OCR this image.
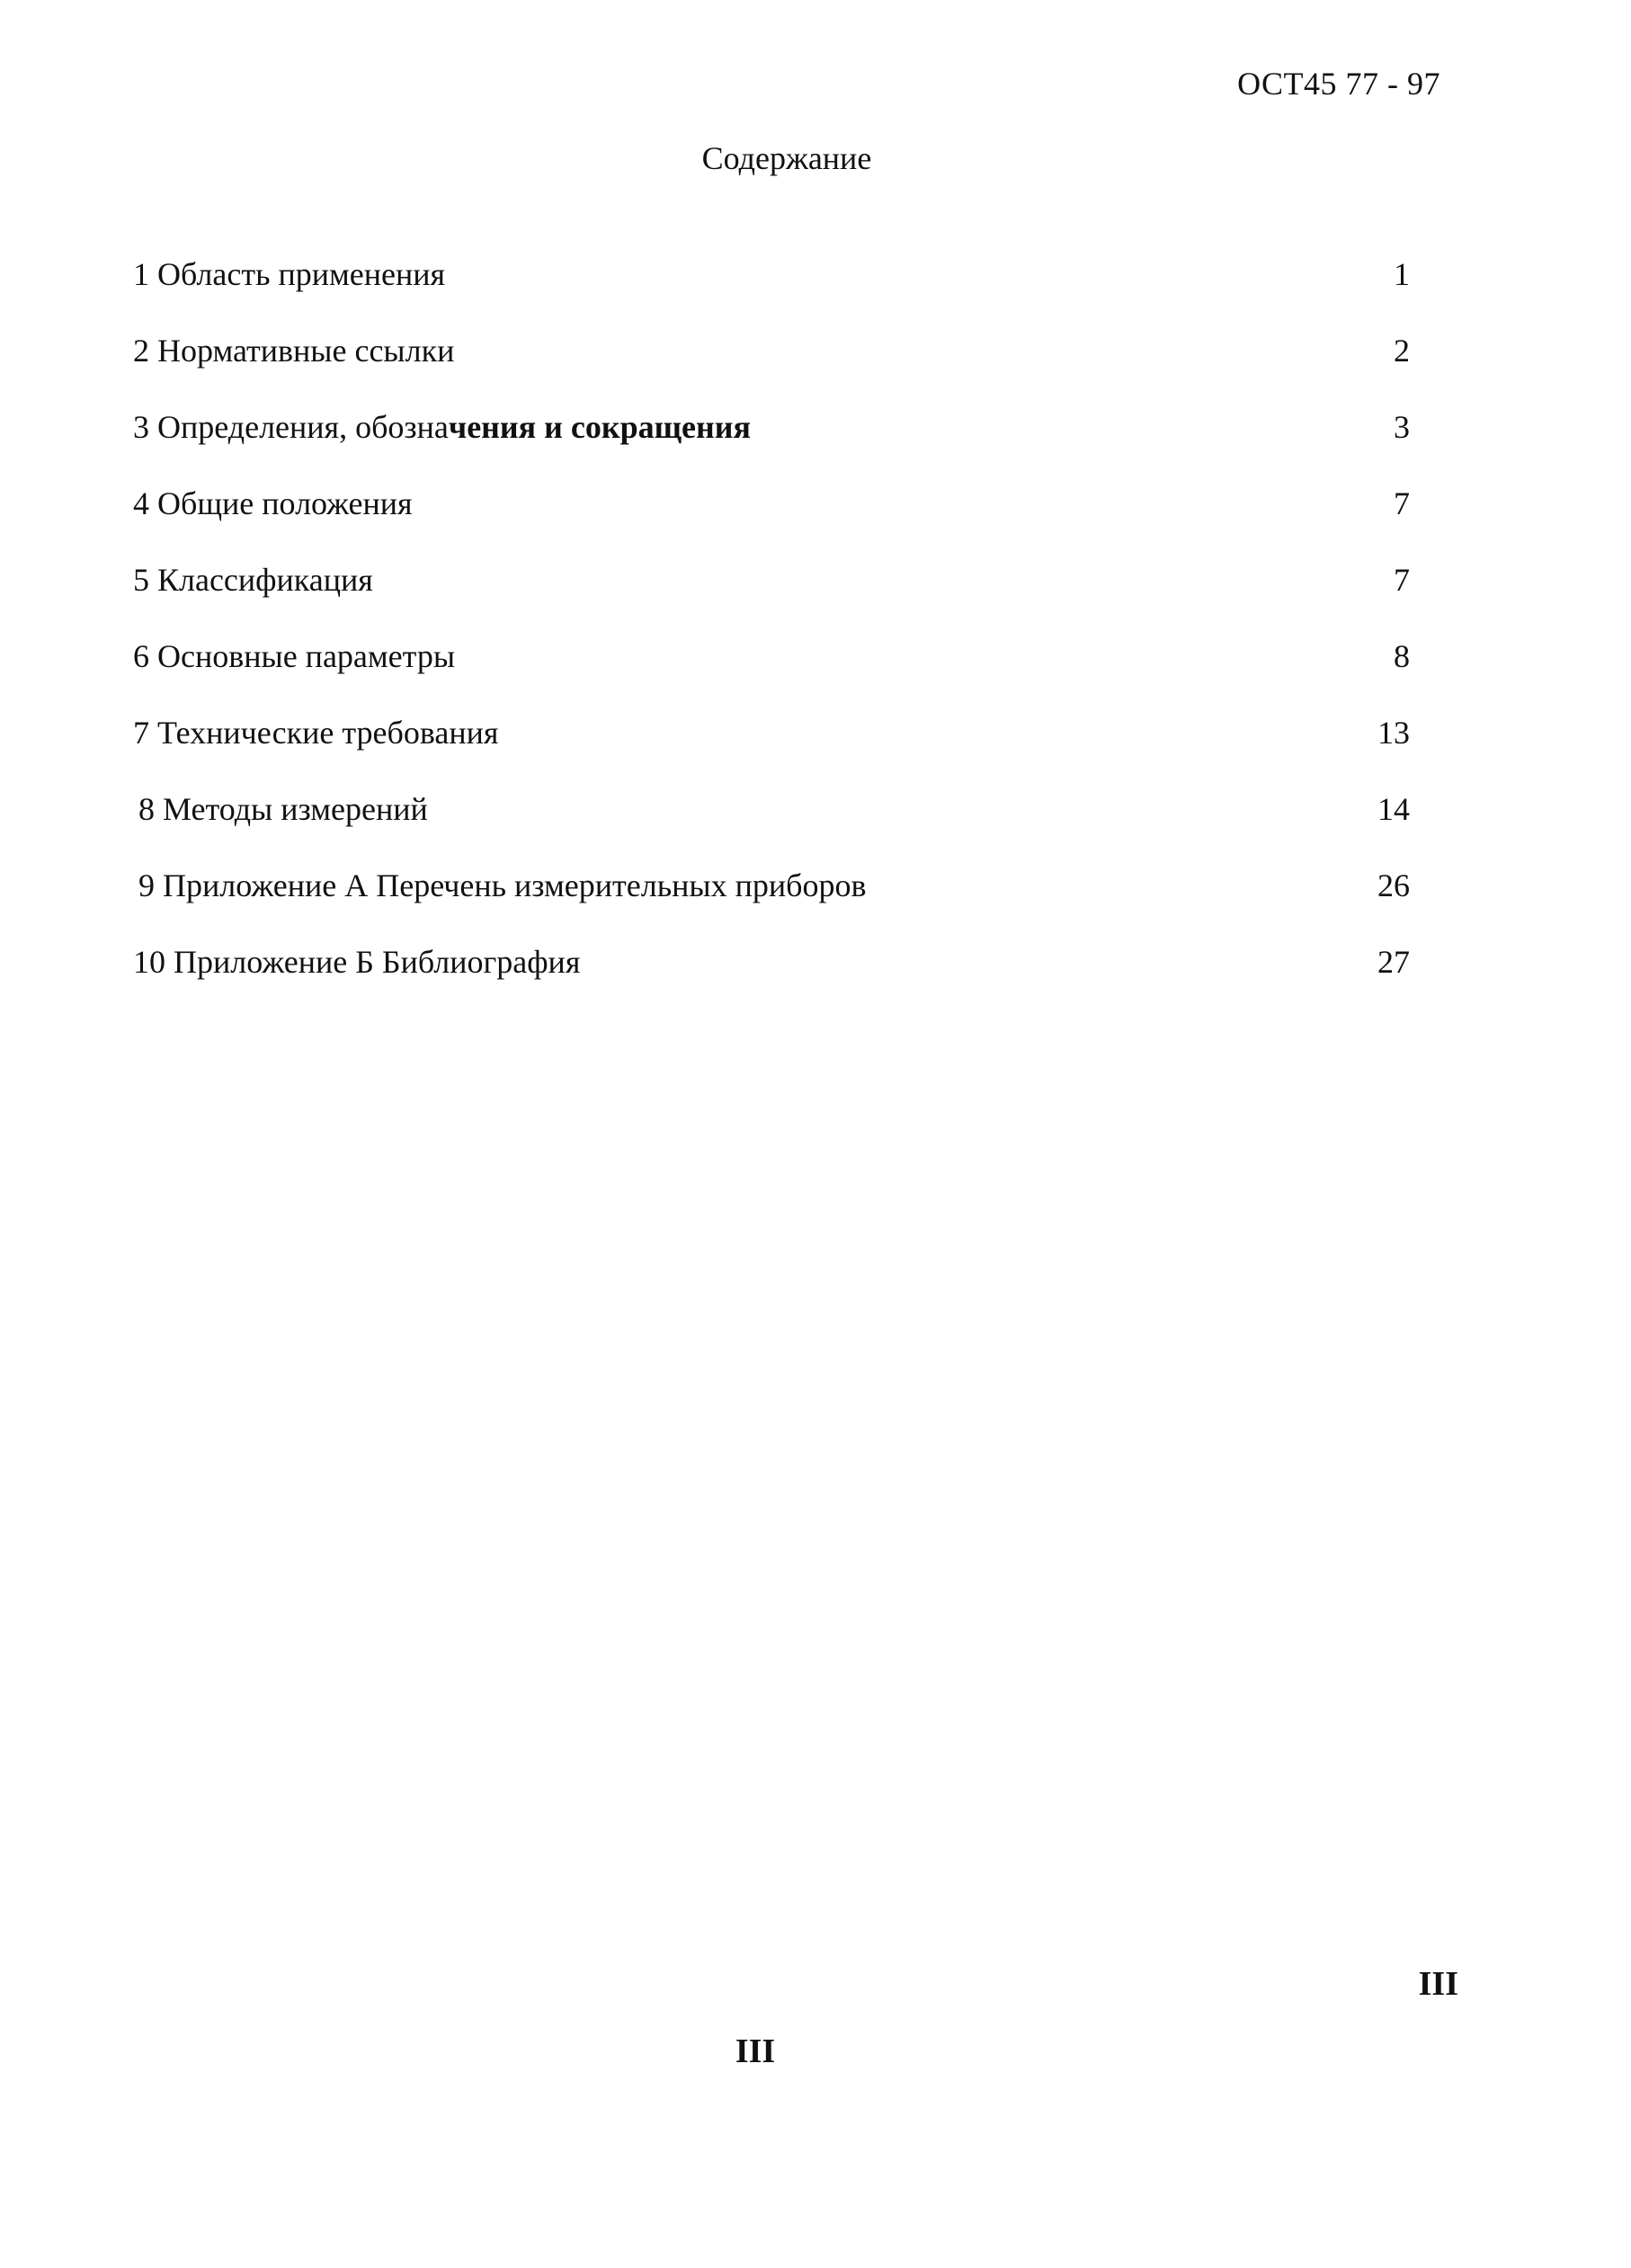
ОСТ45 77 - 97
Содержание
1 Область применения	1
2 Нормативные ссылки	2
3 Определения, обозначения и сокращения	3
4 Общие положения	7
5 Классификация	7
6 Основные параметры	8
7 Технические требования	13
8 Методы измерений	14
9 Приложение А Перечень измерительных приборов	26
10 Приложение Б Библиография	27
III
III
